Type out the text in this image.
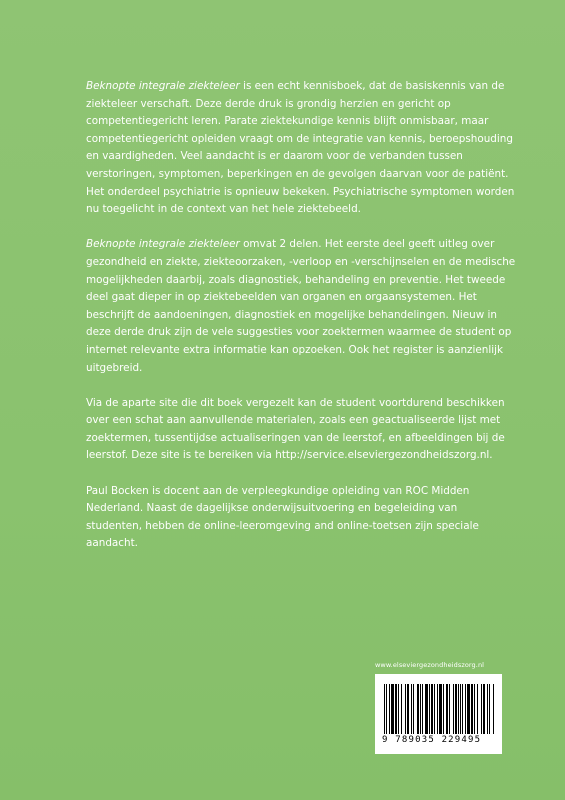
Beknopte integrale ziekteleer is een echt kennisboek, dat de basiskennis van de ziekteleer verschaft. Deze derde druk is grondig herzien en gericht op competentiegericht leren. Parate ziektekundige kennis blijft onmisbaar, maar competentiegericht opleiden vraagt om de integratie van kennis, beroepshouding en vaardigheden. Veel aandacht is er daarom voor de verbanden tussen verstoringen, symptomen, beperkingen en de gevolgen daarvan voor de patiënt. Het onderdeel psychiatrie is opnieuw bekeken. Psychiatrische symptomen worden nu toegelicht in de context van het hele ziektebeeld.

Beknopte integrale ziekteleer omvat 2 delen. Het eerste deel geeft uitleg over gezondheid en ziekte, ziekteoorzaken, -verloop en -verschijnselen en de medische mogelijkheden daarbij, zoals diagnostiek, behandeling en preventie. Het tweede deel gaat dieper in op ziektebeelden van organen en orgaansystemen. Het beschrijft de aandoeningen, diagnostiek en mogelijke behandelingen. Nieuw in deze derde druk zijn de vele suggesties voor zoektermen waarmee de student op internet relevante extra informatie kan opzoeken. Ook het register is aanzienlijk uitgebreid.

Via de aparte site die dit boek vergezelt kan de student voortdurend beschikken over een schat aan aanvullende materialen, zoals een geactualiseerde lijst met zoektermen, tussentijdse actualiseringen van de leerstof, en afbeeldingen bij de leerstof. Deze site is te bereiken via http://service.elseviergezondheidszorg.nl.

Paul Bocken is docent aan de verpleegkundige opleiding van ROC Midden Nederland. Naast de dagelijkse onderwijsuitvoering en begeleiding van studenten, hebben de online-leeromgeving and online-toetsen zijn speciale aandacht.

www.elseviergezondheidszorg.nl
9 789035 229495
